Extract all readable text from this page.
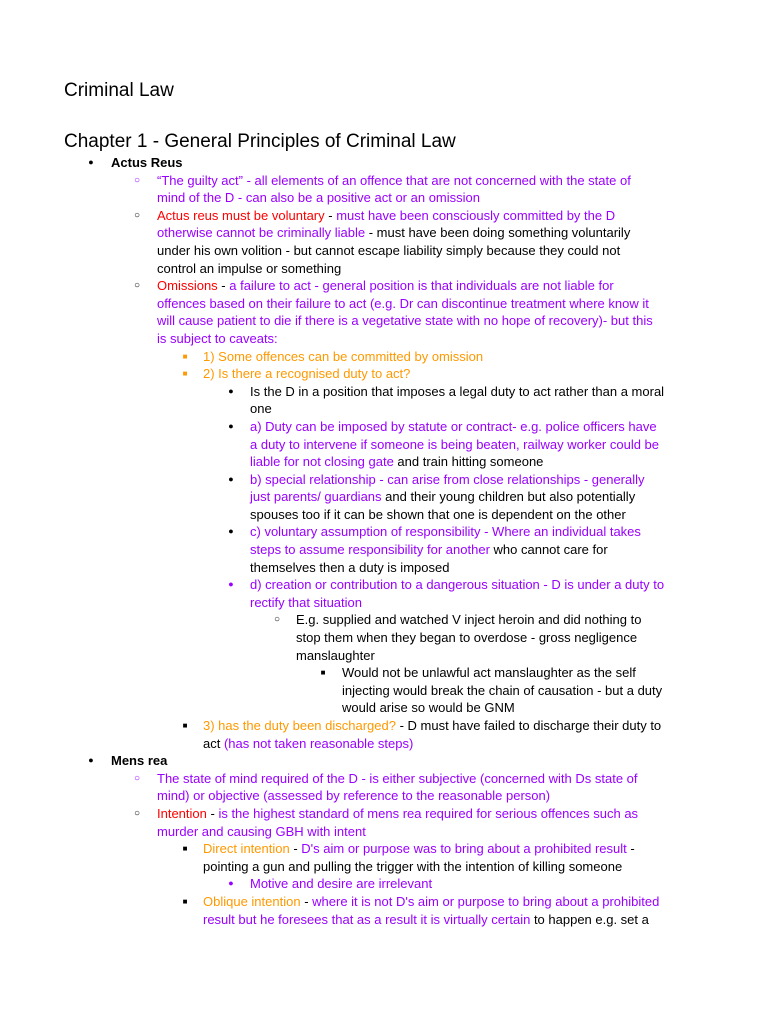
Criminal Law
Chapter 1 - General Principles of Criminal Law
●
Actus Reus
○
“The guilty act” - all elements of an offence that are not concerned with the state of
mind of the D - can also be a positive act or an omission
○
Actus reus must be voluntary - must have been consciously committed by the D
otherwise cannot be criminally liable - must have been doing something voluntarily
under his own volition - but cannot escape liability simply because they could not
control an impulse or something
○
Omissions - a failure to act - general position is that individuals are not liable for
offences based on their failure to act (e.g. Dr can discontinue treatment where know it
will cause patient to die if there is a vegetative state with no hope of recovery)- but this
is subject to caveats:
■
1) Some offences can be committed by omission
■
2) Is there a recognised duty to act?
●
Is the D in a position that imposes a legal duty to act rather than a moral
one
●
a) Duty can be imposed by statute or contract- e.g. police officers have
a duty to intervene if someone is being beaten, railway worker could be
liable for not closing gate and train hitting someone
●
b) special relationship - can arise from close relationships - generally
just parents/ guardians and their young children but also potentially
spouses too if it can be shown that one is dependent on the other
●
c) voluntary assumption of responsibility - Where an individual takes
steps to assume responsibility for another who cannot care for
themselves then a duty is imposed
●
d) creation or contribution to a dangerous situation - D is under a duty to
rectify that situation
○
E.g. supplied and watched V inject heroin and did nothing to
stop them when they began to overdose - gross negligence
manslaughter
■
Would not be unlawful act manslaughter as the self
injecting would break the chain of causation - but a duty
would arise so would be GNM
■
3) has the duty been discharged? - D must have failed to discharge their duty to
act (has not taken reasonable steps)
●
Mens rea
○
The state of mind required of the D - is either subjective (concerned with Ds state of
mind) or objective (assessed by reference to the reasonable person)
○
Intention - is the highest standard of mens rea required for serious offences such as
murder and causing GBH with intent
■
Direct intention - D's aim or purpose was to bring about a prohibited result -
pointing a gun and pulling the trigger with the intention of killing someone
●
Motive and desire are irrelevant
■
Oblique intention - where it is not D's aim or purpose to bring about a prohibited
result but he foresees that as a result it is virtually certain to happen e.g. set a
